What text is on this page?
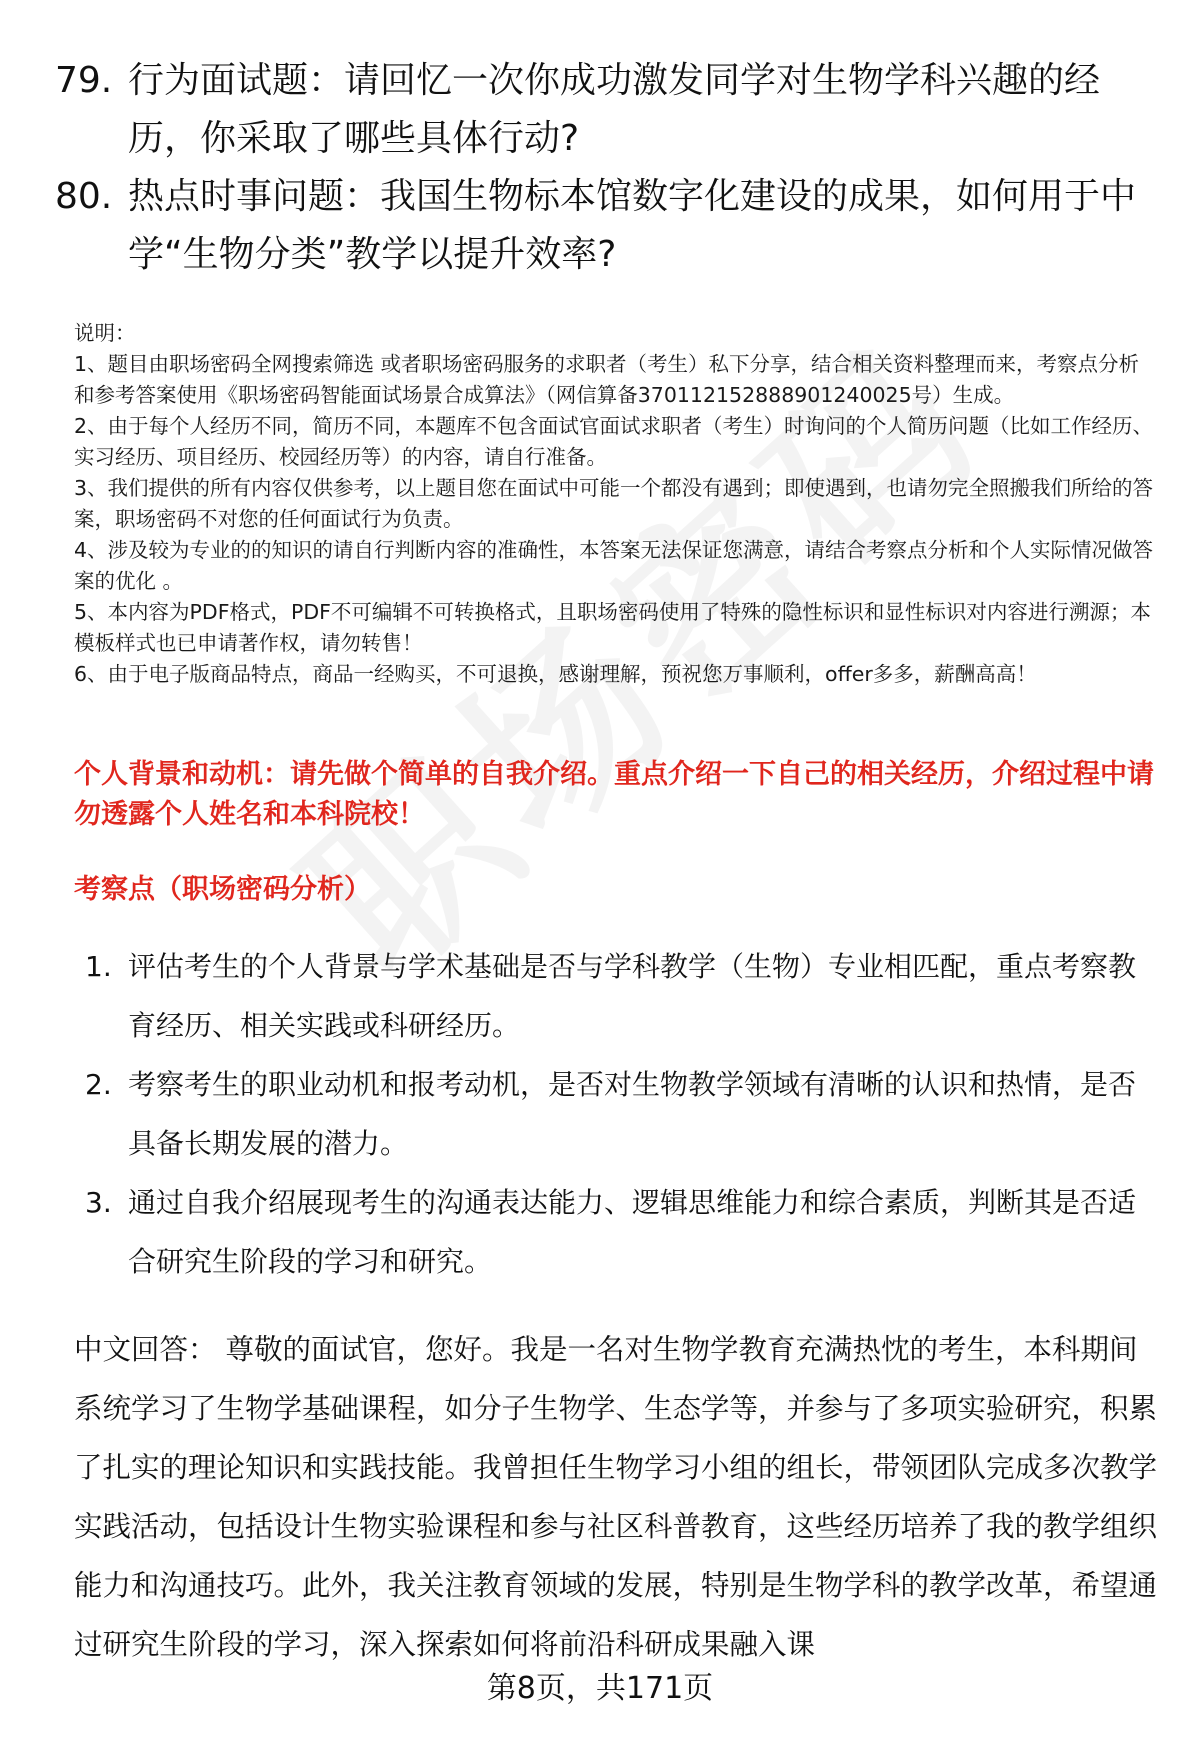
79. 行为面试题：请回忆一次你成功激发同学对生物学科兴趣的经历，你采取了哪些具体行动?
80. 热点时事问题：我国生物标本馆数字化建设的成果，如何用于中学“生物分类”教学以提升效率?

说明：

1、题目由职场密码全网搜索筛选 或者职场密码服务的求职者（考生）私下分享，结合相关资料整理而来，考察点分析和参考答案使用《职场密码智能面试场景合成算法》（网信算备370112152888901240025号）生成。

2、由于每个人经历不同，简历不同，本题库不包含面试官面试求职者（考生）时询问的个人简历问题（比如工作经历、实习经历、项目经历、校园经历等）的内容，请自行准备。

3、我们提供的所有内容仅供参考，以上题目您在面试中可能一个都没有遇到；即使遇到，也请勿完全照搬我们所给的答案，职场密码不对您的任何面试行为负责。

4、涉及较为专业的的知识的请自行判断内容的准确性，本答案无法保证您满意，请结合考察点分析和个人实际情况做答案的优化 。

5、本内容为PDF格式，PDF不可编辑不可转换格式，且职场密码使用了特殊的隐性标识和显性标识对内容进行溯源；本模板样式也已申请著作权，请勿转售！

6、由于电子版商品特点，商品一经购买，不可退换，感谢理解，预祝您万事顺利，offer多多，薪酬高高！

个人背景和动机：请先做个简单的自我介绍。重点介绍一下自己的相关经历，介绍过程中请勿透露个人姓名和本科院校！
考察点（职场密码分析）
1. 评估考生的个人背景与学术基础是否与学科教学（生物）专业相匹配，重点考察教育经历、相关实践或科研经历。
2. 考察考生的职业动机和报考动机，是否对生物教学领域有清晰的认识和热情，是否具备长期发展的潜力。
3. 通过自我介绍展现考生的沟通表达能力、逻辑思维能力和综合素质，判断其是否适合研究生阶段的学习和研究。

中文回答： 尊敬的面试官，您好。我是一名对生物学教育充满热忱的考生，本科期间系统学习了生物学基础课程，如分子生物学、生态学等，并参与了多项实验研究，积累了扎实的理论知识和实践技能。我曾担任生物学习小组的组长，带领团队完成多次教学实践活动，包括设计生物实验课程和参与社区科普教育，这些经历培养了我的教学组织能力和沟通技巧。此外，我关注教育领域的发展，特别是生物学科的教学改革，希望通过研究生阶段的学习，深入探索如何将前沿科研成果融入课

第8页，共171页
